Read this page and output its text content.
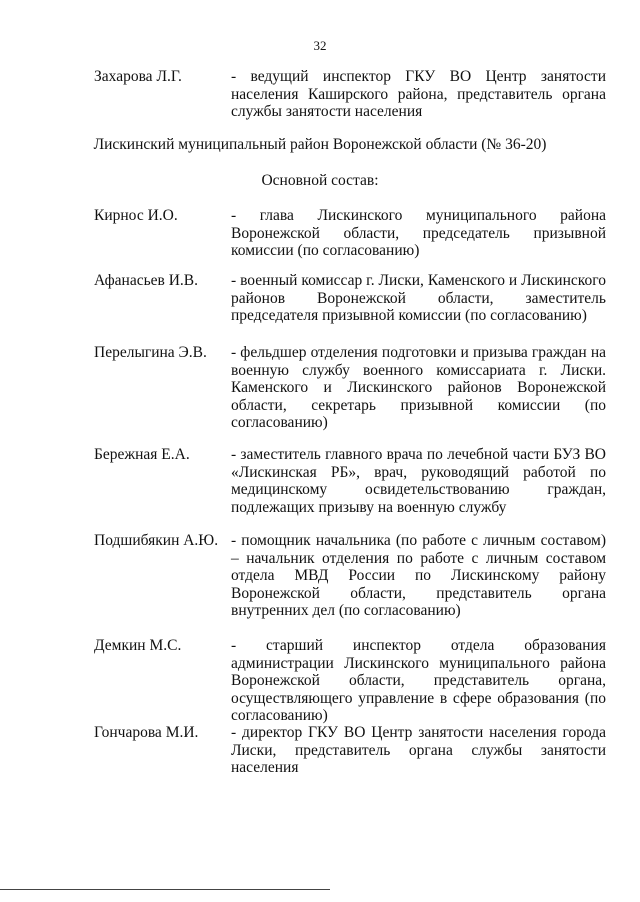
32
Захарова Л.Г.	- ведущий инспектор ГКУ ВО Центр занятости населения Каширского района, представитель органа службы занятости населения
Лискинский муниципальный район Воронежской области (№ 36-20)
Основной состав:
Кирнос И.О.	- глава Лискинского муниципального района Воронежской области, председатель призывной комиссии (по согласованию)
Афанасьев И.В. - военный комиссар г. Лиски, Каменского и Лискинского районов Воронежской области, заместитель председателя призывной комиссии (по согласованию)
Перелыгина Э.В. - фельдшер отделения подготовки и призыва граждан на военную службу военного комиссариата г. Лиски. Каменского и Лискинского районов Воронежской области, секретарь призывной комиссии (по согласованию)
Бережная Е.А.	- заместитель главного врача по лечебной части БУЗ ВО «Лискинская РБ», врач, руководящий работой по медицинскому освидетельствованию граждан, подлежащих призыву на военную службу
Подшибякин А.Ю. - помощник начальника (по работе с личным составом) – начальник отделения по работе с личным составом отдела МВД России по Лискинскому району Воронежской области, представитель органа внутренних дел (по согласованию)
Демкин М.С.	- старший инспектор отдела образования администрации Лискинского муниципального района Воронежской области, представитель органа, осуществляющего управление в сфере образования (по согласованию)
Гончарова М.И. - директор ГКУ ВО Центр занятости населения города Лиски, представитель органа службы занятости населения
